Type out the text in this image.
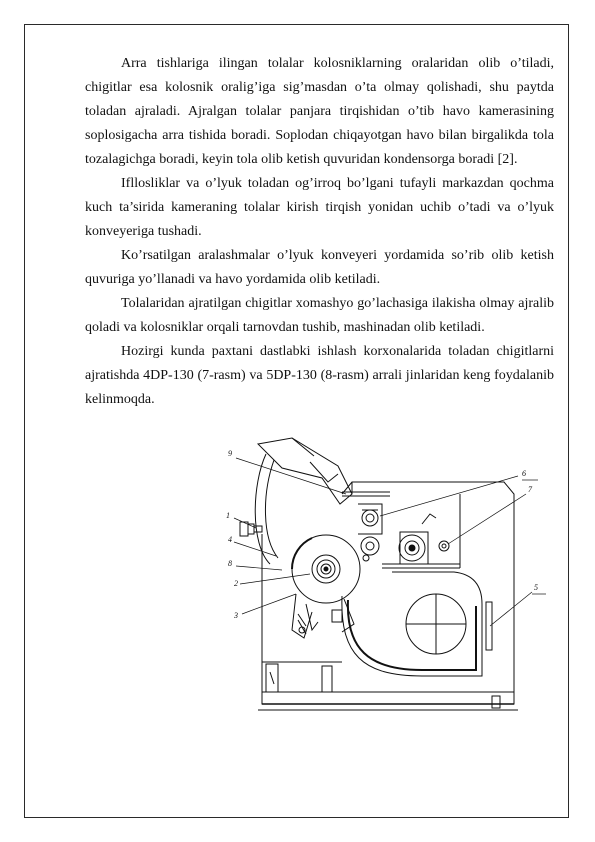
Arra tishlariga ilingan tolalar kolosniklarning oralaridan olib o’tiladi, chigitlar esa kolosnik oralig’iga sig’masdan o’ta olmay qolishadi, shu paytda toladan ajraladi. Ajralgan tolalar panjara tirqishidan o’tib havo kamerasining soplosigacha arra tishida boradi. Soplodan chiqayotgan havo bilan birgalikda tola tozalagichga boradi, keyin tola olib ketish quvuridan kondensorga boradi [2].

Ifllosliklar va o’lyuk toladan og’irroq bo’lgani tufayli markazdan qochma kuch ta’sirida kameraning tolalar kirish tirqish yonidan uchib o’tadi va o’lyuk konveyeriga tushadi.

Ko’rsatilgan aralashmalar o’lyuk konveyeri yordamida so’rib olib ketish quvuriga yo’llanadi va havo yordamida olib ketiladi.

Tolalaridan ajratilgan chigitlar xomashyo go’lachasiga ilakisha olmay ajralib qoladi va kolosniklar orqali tarnovdan tushib, mashinadan olib ketiladi.

Hozirgi kunda paxtani dastlabki ishlash korxonalarida toladan chigitlarni ajratishda 4DP-130 (7-rasm) va 5DP-130 (8-rasm) arrali jinlaridan keng foydalanib kelinmoqda.

9
1
4
8
2
3
6
7
5
